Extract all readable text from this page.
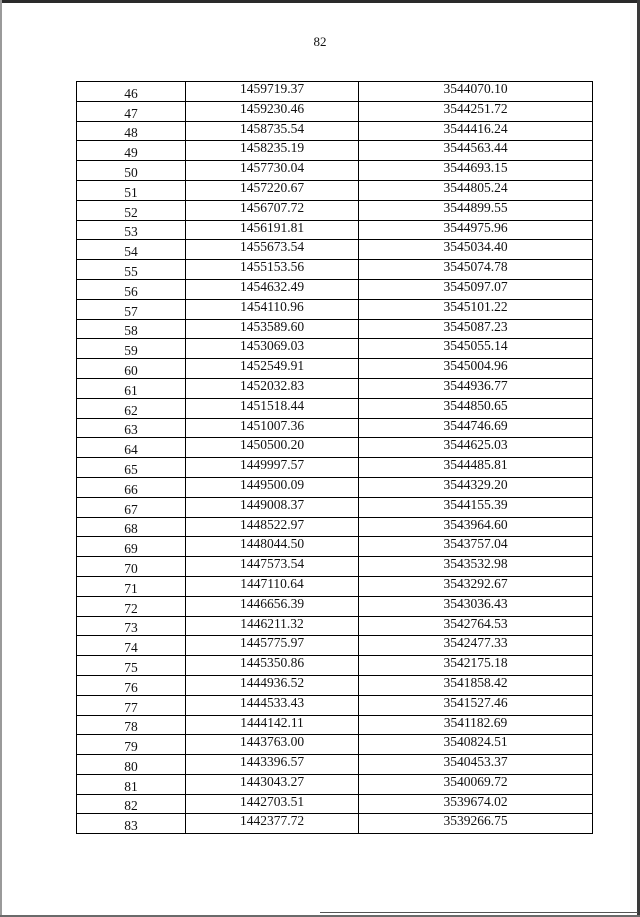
82
46	1459719.37	3544070.10
47	1459230.46	3544251.72
48	1458735.54	3544416.24
49	1458235.19	3544563.44
50	1457730.04	3544693.15
51	1457220.67	3544805.24
52	1456707.72	3544899.55
53	1456191.81	3544975.96
54	1455673.54	3545034.40
55	1455153.56	3545074.78
56	1454632.49	3545097.07
57	1454110.96	3545101.22
58	1453589.60	3545087.23
59	1453069.03	3545055.14
60	1452549.91	3545004.96
61	1452032.83	3544936.77
62	1451518.44	3544850.65
63	1451007.36	3544746.69
64	1450500.20	3544625.03
65	1449997.57	3544485.81
66	1449500.09	3544329.20
67	1449008.37	3544155.39
68	1448522.97	3543964.60
69	1448044.50	3543757.04
70	1447573.54	3543532.98
71	1447110.64	3543292.67
72	1446656.39	3543036.43
73	1446211.32	3542764.53
74	1445775.97	3542477.33
75	1445350.86	3542175.18
76	1444936.52	3541858.42
77	1444533.43	3541527.46
78	1444142.11	3541182.69
79	1443763.00	3540824.51
80	1443396.57	3540453.37
81	1443043.27	3540069.72
82	1442703.51	3539674.02
83	1442377.72	3539266.75
